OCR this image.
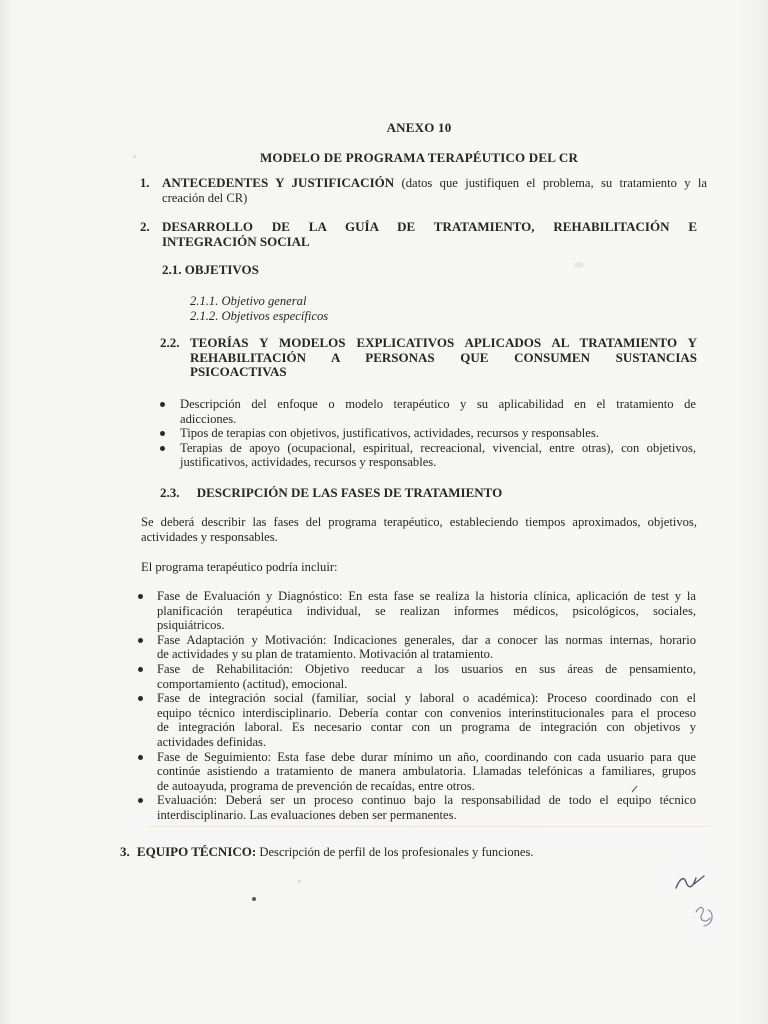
ANEXO 10
MODELO DE PROGRAMA TERAPÉUTICO DEL CR
1. ANTECEDENTES Y JUSTIFICACIÓN (datos que justifiquen el problema, su tratamiento y la
creación del CR)
2. DESARROLLO DE LA GUÍA DE TRATAMIENTO, REHABILITACIÓN E
INTEGRACIÓN SOCIAL
2.1. OBJETIVOS
2.1.1. Objetivo general
2.1.2. Objetivos específicos
2.2. TEORÍAS Y MODELOS EXPLICATIVOS APLICADOS AL TRATAMIENTO Y
REHABILITACIÓN A PERSONAS QUE CONSUMEN SUSTANCIAS
PSICOACTIVAS
Descripción del enfoque o modelo terapéutico y su aplicabilidad en el tratamiento de
adicciones.
Tipos de terapias con objetivos, justificativos, actividades, recursos y responsables.
Terapias de apoyo (ocupacional, espiritual, recreacional, vivencial, entre otras), con objetivos,
justificativos, actividades, recursos y responsables.
2.3. DESCRIPCIÓN DE LAS FASES DE TRATAMIENTO
Se deberá describir las fases del programa terapéutico, estableciendo tiempos aproximados, objetivos,
actividades y responsables.
El programa terapéutico podría incluir:
Fase de Evaluación y Diagnóstico: En esta fase se realiza la historia clínica, aplicación de test y la
planificación terapéutica individual, se realizan informes médicos, psicológicos, sociales,
psiquiátricos.
Fase Adaptación y Motivación: Indicaciones generales, dar a conocer las normas internas, horario
de actividades y su plan de tratamiento. Motivación al tratamiento.
Fase de Rehabilitación: Objetivo reeducar a los usuarios en sus áreas de pensamiento,
comportamiento (actitud), emocional.
Fase de integración social (familiar, social y laboral o académica): Proceso coordinado con el
equipo técnico interdisciplinario. Debería contar con convenios interinstitucionales para el proceso
de integración laboral. Es necesario contar con un programa de integración con objetivos y
actividades definidas.
Fase de Seguimiento: Esta fase debe durar mínimo un año, coordinando con cada usuario para que
continúe asistiendo a tratamiento de manera ambulatoria. Llamadas telefónicas a familiares, grupos
de autoayuda, programa de prevención de recaídas, entre otros.
Evaluación: Deberá ser un proceso continuo bajo la responsabilidad de todo el equipo técnico
interdisciplinario. Las evaluaciones deben ser permanentes.
3. EQUIPO TÉCNICO: Descripción de perfil de los profesionales y funciones.
